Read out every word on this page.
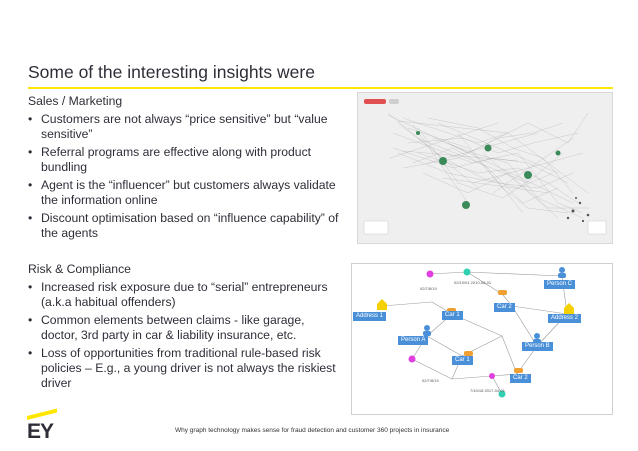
Some of the interesting insights were
Sales / Marketing
• Customers are not always “price sensitive” but “value sensitive”
• Referral programs are effective along with product bundling
• Agent is the “influencer” but customers always validate the information online
• Discount optimisation based on “influence capability” of the agents
Risk & Compliance
• Increased risk exposure due to “serial” entrepreneurs (a.k.a habitual offenders)
• Common elements between claims - like garage, doctor, 3rd party in car & liability insurance, etc.
• Loss of opportunities from traditional rule-based risk policies – E.g., a young driver is not always the riskiest driver
Person C
Address 1	Address 2
Car 1
Car 2
Person A
Person B
Car 1
Car 2
02/10/01 2010-08-01
02/7/8/19
02/7/8/19
7/10/18 2017-04-01
Why graph technology makes sense for fraud detection and customer 360 projects in insurance
EY
